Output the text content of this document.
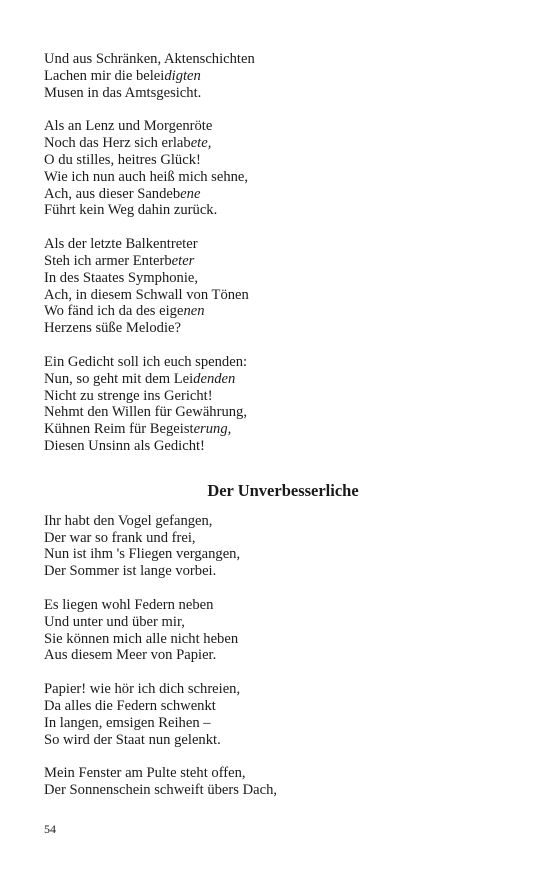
Und aus Schränken, Aktenschichten
Lachen mir die beleidigten
Musen in das Amtsgesicht.
Als an Lenz und Morgenröte
Noch das Herz sich erlabete,
O du stilles, heitres Glück!
Wie ich nun auch heiß mich sehne,
Ach, aus dieser Sandebene
Führt kein Weg dahin zurück.
Als der letzte Balkentreter
Steh ich armer Enterbeter
In des Staates Symphonie,
Ach, in diesem Schwall von Tönen
Wo fänd ich da des eigenen
Herzens süße Melodie?
Ein Gedicht soll ich euch spenden:
Nun, so geht mit dem Leidenden
Nicht zu strenge ins Gericht!
Nehmt den Willen für Gewährung,
Kühnen Reim für Begeisterung,
Diesen Unsinn als Gedicht!
Der Unverbesserliche
Ihr habt den Vogel gefangen,
Der war so frank und frei,
Nun ist ihm 's Fliegen vergangen,
Der Sommer ist lange vorbei.
Es liegen wohl Federn neben
Und unter und über mir,
Sie können mich alle nicht heben
Aus diesem Meer von Papier.
Papier! wie hör ich dich schreien,
Da alles die Federn schwenkt
In langen, emsigen Reihen –
So wird der Staat nun gelenkt.
Mein Fenster am Pulte steht offen,
Der Sonnenschein schweift übers Dach,
54
